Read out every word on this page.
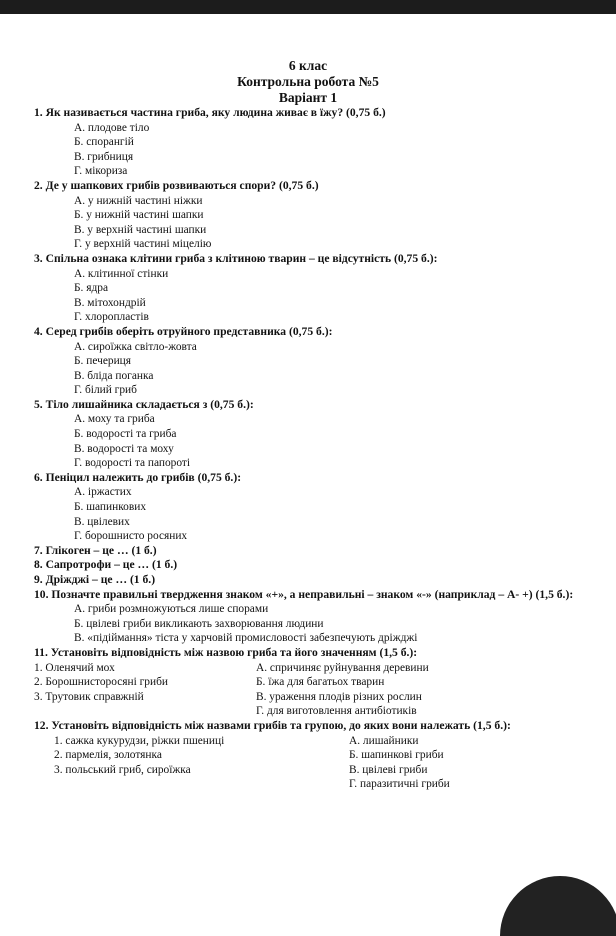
6 клас
Контрольна робота №5
Варіант 1
1. Як називається частина гриба, яку людина живає в їжу? (0,75 б.)
А. плодове тіло
Б. спорангій
В. грибниця
Г. мікориза
2. Де у шапкових грибів розвиваються спори? (0,75 б.)
А. у нижній частині ніжки
Б. у нижній частині шапки
В. у верхній частині шапки
Г. у верхній частині міцелію
3. Спільна ознака клітини гриба з клітиною тварин – це відсутність (0,75 б.):
А. клітинної стінки
Б. ядра
В. мітохондрій
Г. хлоропластів
4. Серед грибів оберіть отруйного представника (0,75 б.):
А. сироїжка світло-жовта
Б. печериця
В. бліда поганка
Г. білий гриб
5. Тіло лишайника складається з (0,75 б.):
А. моху та гриба
Б. водорості та гриба
В. водорості та моху
Г. водорості та папороті
6. Пеніцил належить до грибів (0,75 б.):
А. іржастих
Б. шапинкових
В. цвілевих
Г. борошнисто росяних
7. Глікоген – це … (1 б.)
8. Сапротрофи – це … (1 б.)
9. Дріжджі – це … (1 б.)
10. Позначте правильні твердження знаком «+», а неправильні – знаком «-» (наприклад – А- +) (1,5 б.):
А. гриби розмножуються лише спорами
Б. цвілеві гриби викликають захворювання людини
В. «підіймання» тіста у харчовій промисловості забезпечують дріжджі
11. Установіть відповідність між назвою гриба та його значенням (1,5 б.):
1. Оленячий мох	А. спричиняє руйнування деревини
2. Борошнисторосяні гриби	Б. їжа для багатьох тварин
3. Трутовик справжній	В. ураження плодів різних рослин
Г. для виготовлення антибіотиків
12. Установіть відповідність між назвами грибів та групою, до яких вони належать (1,5 б.):
1. сажка кукурудзи, ріжки пшениці	А. лишайники
2. пармелія, золотянка	Б. шапинкові гриби
3. польський гриб, сироїжка	В. цвілеві гриби
Г. паразитичні гриби
